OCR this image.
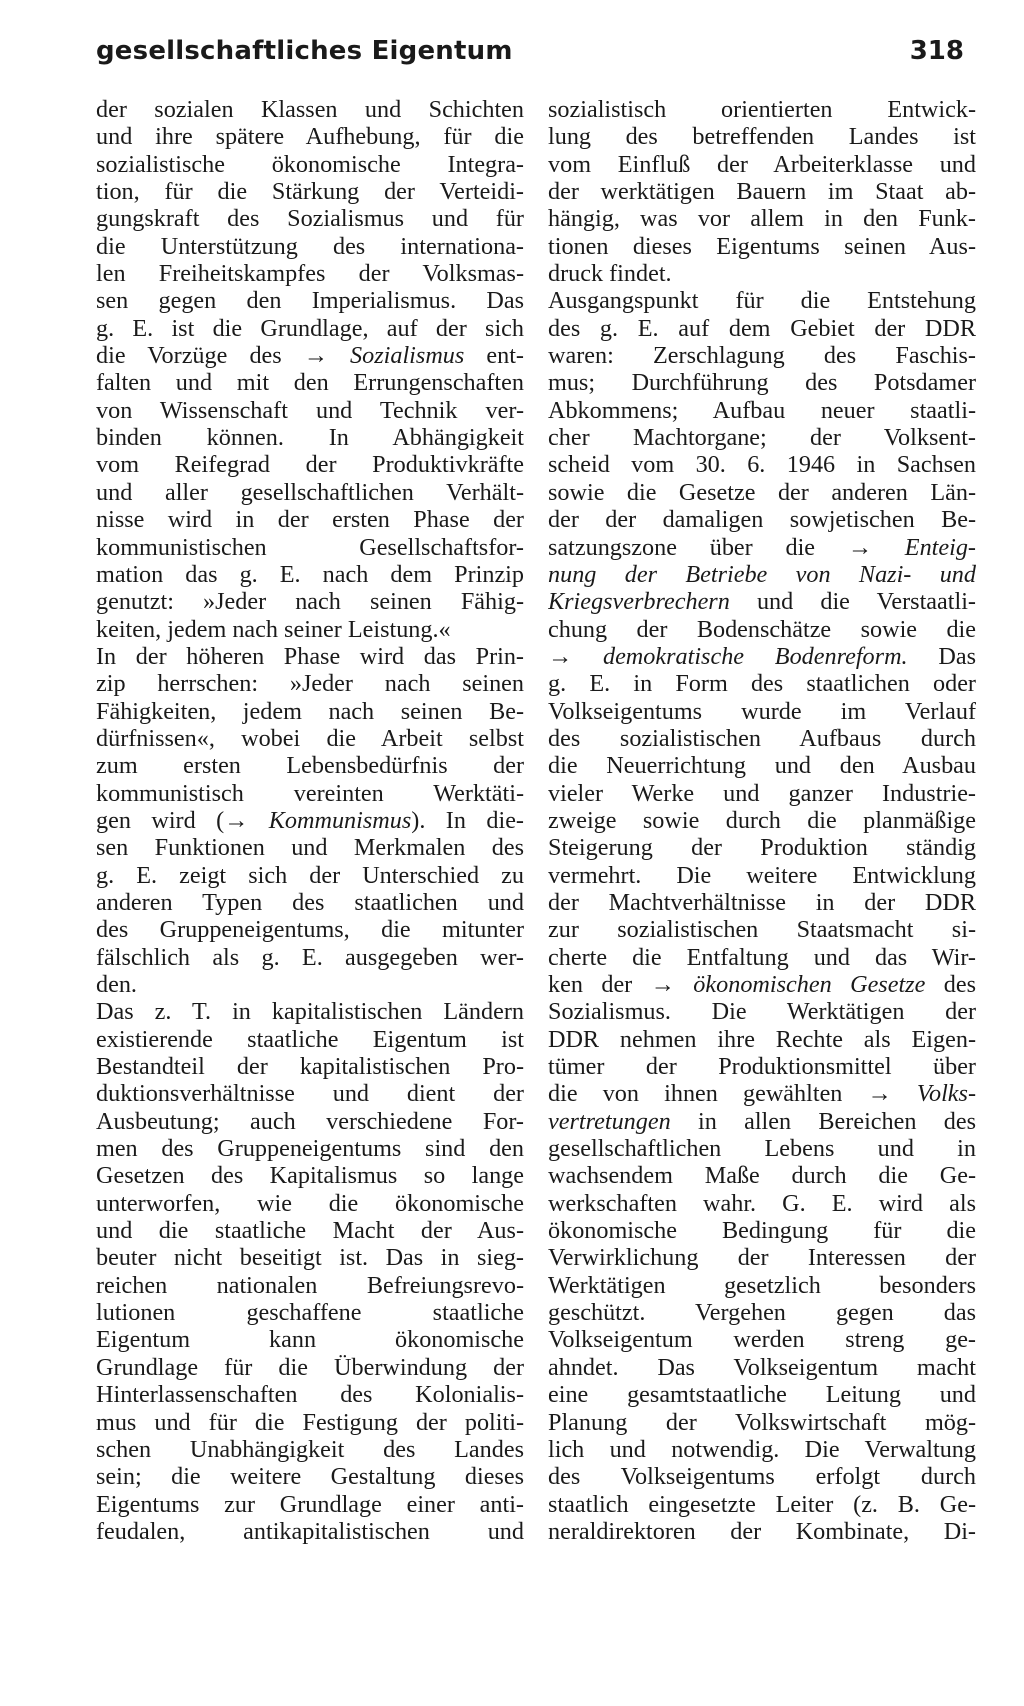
gesellschaftliches Eigentum	318
der sozialen Klassen und Schichten
und ihre spätere Aufhebung, für die
sozialistische ökonomische Integra-
tion, für die Stärkung der Verteidi-
gungskraft des Sozialismus und für
die Unterstützung des internationa-
len Freiheitskampfes der Volksmas-
sen gegen den Imperialismus. Das
g. E. ist die Grundlage, auf der sich
die Vorzüge des → Sozialismus ent-
falten und mit den Errungenschaften
von Wissenschaft und Technik ver-
binden können. In Abhängigkeit
vom Reifegrad der Produktivkräfte
und aller gesellschaftlichen Verhält-
nisse wird in der ersten Phase der
kommunistischen Gesellschaftsfor-
mation das g. E. nach dem Prinzip
genutzt: »Jeder nach seinen Fähig-
keiten, jedem nach seiner Leistung.«
In der höheren Phase wird das Prin-
zip herrschen: »Jeder nach seinen
Fähigkeiten, jedem nach seinen Be-
dürfnissen«, wobei die Arbeit selbst
zum ersten Lebensbedürfnis der
kommunistisch vereinten Werktäti-
gen wird (→ Kommunismus). In die-
sen Funktionen und Merkmalen des
g. E. zeigt sich der Unterschied zu
anderen Typen des staatlichen und
des Gruppeneigentums, die mitunter
fälschlich als g. E. ausgegeben wer-
den.
Das z. T. in kapitalistischen Ländern
existierende staatliche Eigentum ist
Bestandteil der kapitalistischen Pro-
duktionsverhältnisse und dient der
Ausbeutung; auch verschiedene For-
men des Gruppeneigentums sind den
Gesetzen des Kapitalismus so lange
unterworfen, wie die ökonomische
und die staatliche Macht der Aus-
beuter nicht beseitigt ist. Das in sieg-
reichen nationalen Befreiungsrevo-
lutionen geschaffene staatliche
Eigentum kann ökonomische
Grundlage für die Überwindung der
Hinterlassenschaften des Kolonialis-
mus und für die Festigung der politi-
schen Unabhängigkeit des Landes
sein; die weitere Gestaltung dieses
Eigentums zur Grundlage einer anti-
feudalen, antikapitalistischen und
sozialistisch orientierten Entwick-
lung des betreffenden Landes ist
vom Einfluß der Arbeiterklasse und
der werktätigen Bauern im Staat ab-
hängig, was vor allem in den Funk-
tionen dieses Eigentums seinen Aus-
druck findet.
Ausgangspunkt für die Entstehung
des g. E. auf dem Gebiet der DDR
waren: Zerschlagung des Faschis-
mus; Durchführung des Potsdamer
Abkommens; Aufbau neuer staatli-
cher Machtorgane; der Volksent-
scheid vom 30. 6. 1946 in Sachsen
sowie die Gesetze der anderen Län-
der der damaligen sowjetischen Be-
satzungszone über die → Enteig-
nung der Betriebe von Nazi- und
Kriegsverbrechern und die Verstaatli-
chung der Bodenschätze sowie die
→ demokratische Bodenreform. Das
g. E. in Form des staatlichen oder
Volkseigentums wurde im Verlauf
des sozialistischen Aufbaus durch
die Neuerrichtung und den Ausbau
vieler Werke und ganzer Industrie-
zweige sowie durch die planmäßige
Steigerung der Produktion ständig
vermehrt. Die weitere Entwicklung
der Machtverhältnisse in der DDR
zur sozialistischen Staatsmacht si-
cherte die Entfaltung und das Wir-
ken der → ökonomischen Gesetze des
Sozialismus. Die Werktätigen der
DDR nehmen ihre Rechte als Eigen-
tümer der Produktionsmittel über
die von ihnen gewählten → Volks-
vertretungen in allen Bereichen des
gesellschaftlichen Lebens und in
wachsendem Maße durch die Ge-
werkschaften wahr. G. E. wird als
ökonomische Bedingung für die
Verwirklichung der Interessen der
Werktätigen gesetzlich besonders
geschützt. Vergehen gegen das
Volkseigentum werden streng ge-
ahndet. Das Volkseigentum macht
eine gesamtstaatliche Leitung und
Planung der Volkswirtschaft mög-
lich und notwendig. Die Verwaltung
des Volkseigentums erfolgt durch
staatlich eingesetzte Leiter (z. B. Ge-
neraldirektoren der Kombinate, Di-
